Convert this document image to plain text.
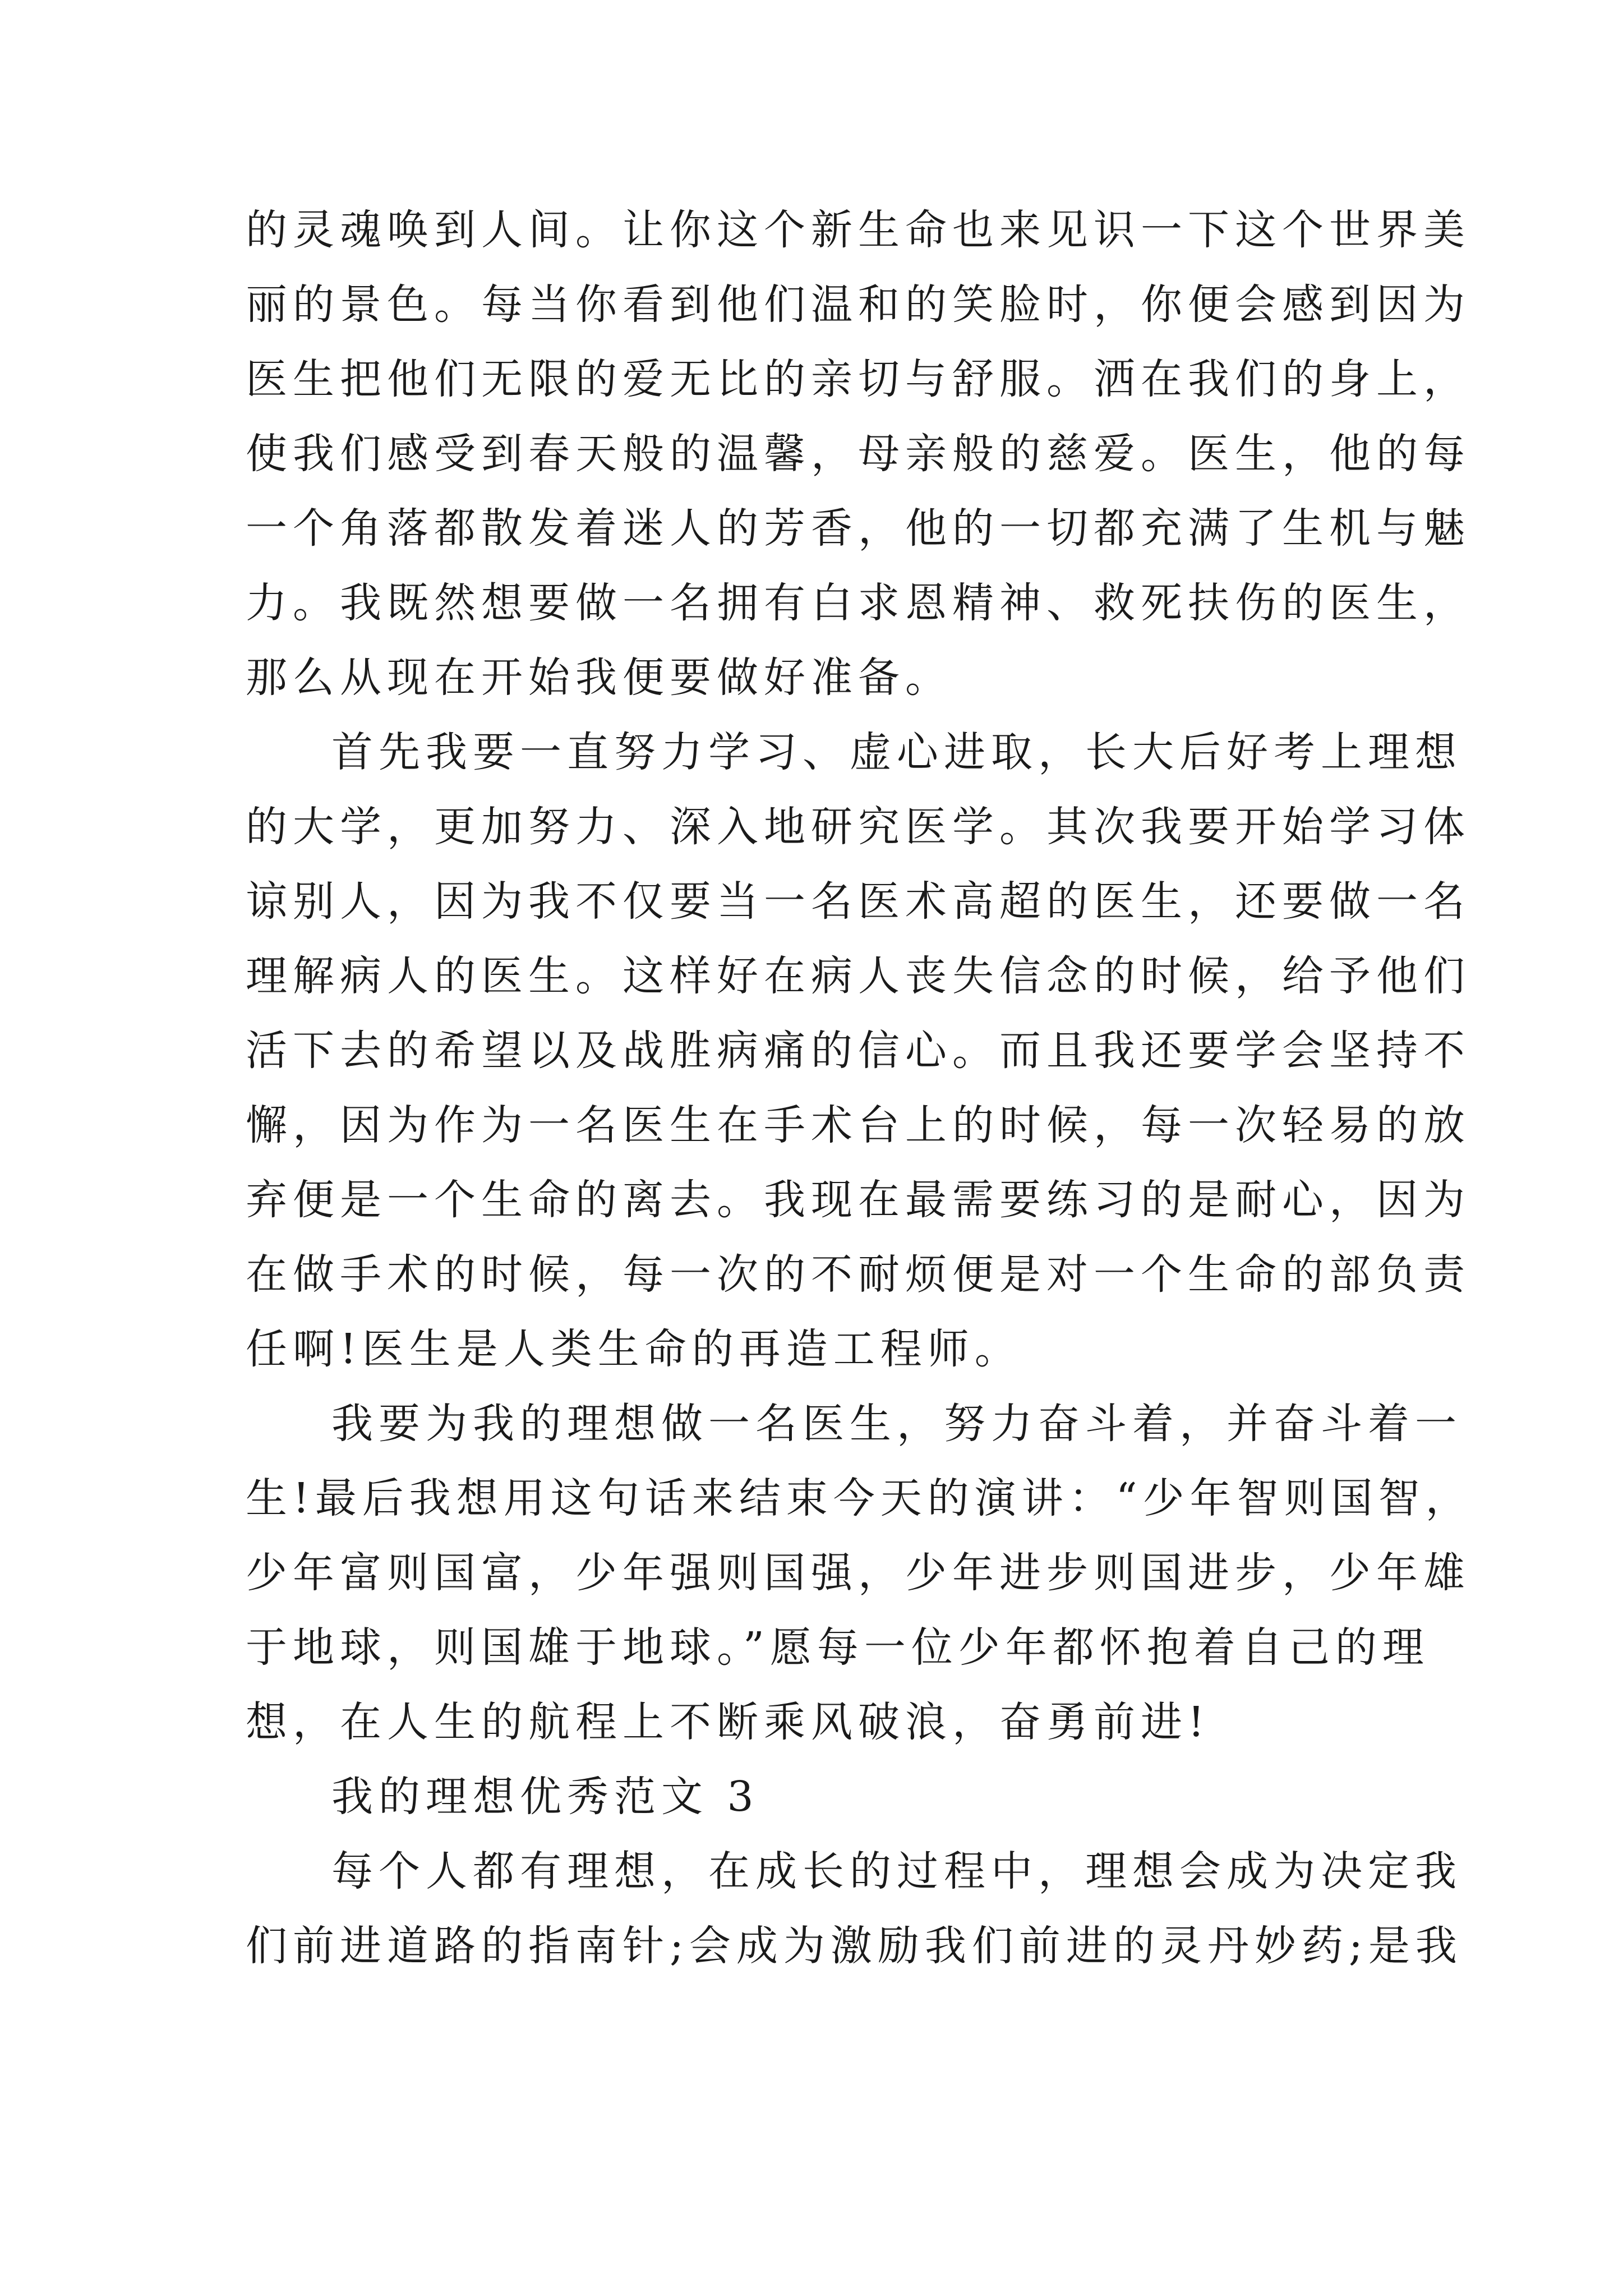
的灵魂唤到人间。让你这个新生命也来见识一下这个世界美
丽的景色。每当你看到他们温和的笑脸时，你便会感到因为
医生把他们无限的爱无比的亲切与舒服。洒在我们的身上，
使我们感受到春天般的温馨，母亲般的慈爱。医生，他的每
一个角落都散发着迷人的芳香，他的一切都充满了生机与魅
力。我既然想要做一名拥有白求恩精神、救死扶伤的医生，
那么从现在开始我便要做好准备。
首先我要一直努力学习、虚心进取，长大后好考上理想
的大学，更加努力、深入地研究医学。其次我要开始学习体
谅别人，因为我不仅要当一名医术高超的医生，还要做一名
理解病人的医生。这样好在病人丧失信念的时候，给予他们
活下去的希望以及战胜病痛的信心。而且我还要学会坚持不
懈，因为作为一名医生在手术台上的时候，每一次轻易的放
弃便是一个生命的离去。我现在最需要练习的是耐心，因为
在做手术的时候，每一次的不耐烦便是对一个生命的部负责
任啊!医生是人类生命的再造工程师。
我要为我的理想做一名医生，努力奋斗着，并奋斗着一
生!最后我想用这句话来结束今天的演讲：“少年智则国智，
少年富则国富，少年强则国强，少年进步则国进步，少年雄
于地球，则国雄于地球。”愿每一位少年都怀抱着自己的理
想，在人生的航程上不断乘风破浪，奋勇前进!
我的理想优秀范文 3
每个人都有理想，在成长的过程中，理想会成为决定我
们前进道路的指南针;会成为激励我们前进的灵丹妙药;是我
